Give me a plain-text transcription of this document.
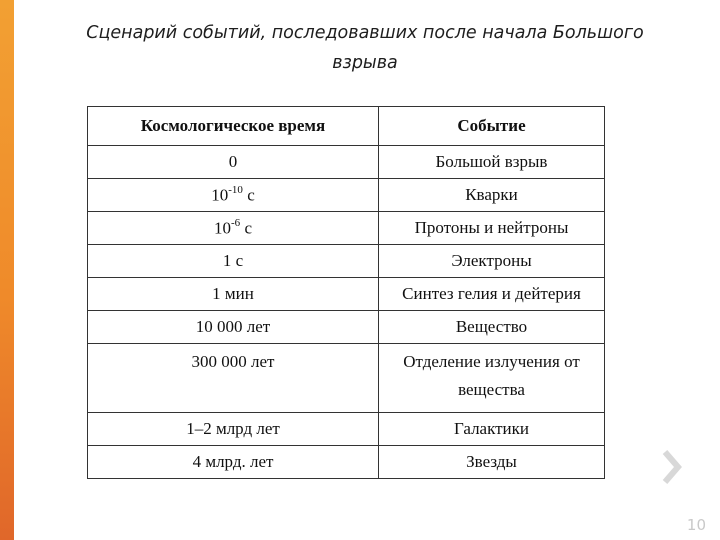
Сценарий событий, последовавших после начала Большого
взрыва
Космологическое время	Событие
0	Большой взрыв
$10^{-10}$ с	Кварки
$10^{-6}$ с	Протоны и нейтроны
1 с	Электроны
1 мин	Синтез гелия и дейтерия
10 000 лет	Вещество
300 000 лет	Отделение излучения от
вещества

1–2 млрд лет	Галактики
4 млрд. лет	Звезды
10
